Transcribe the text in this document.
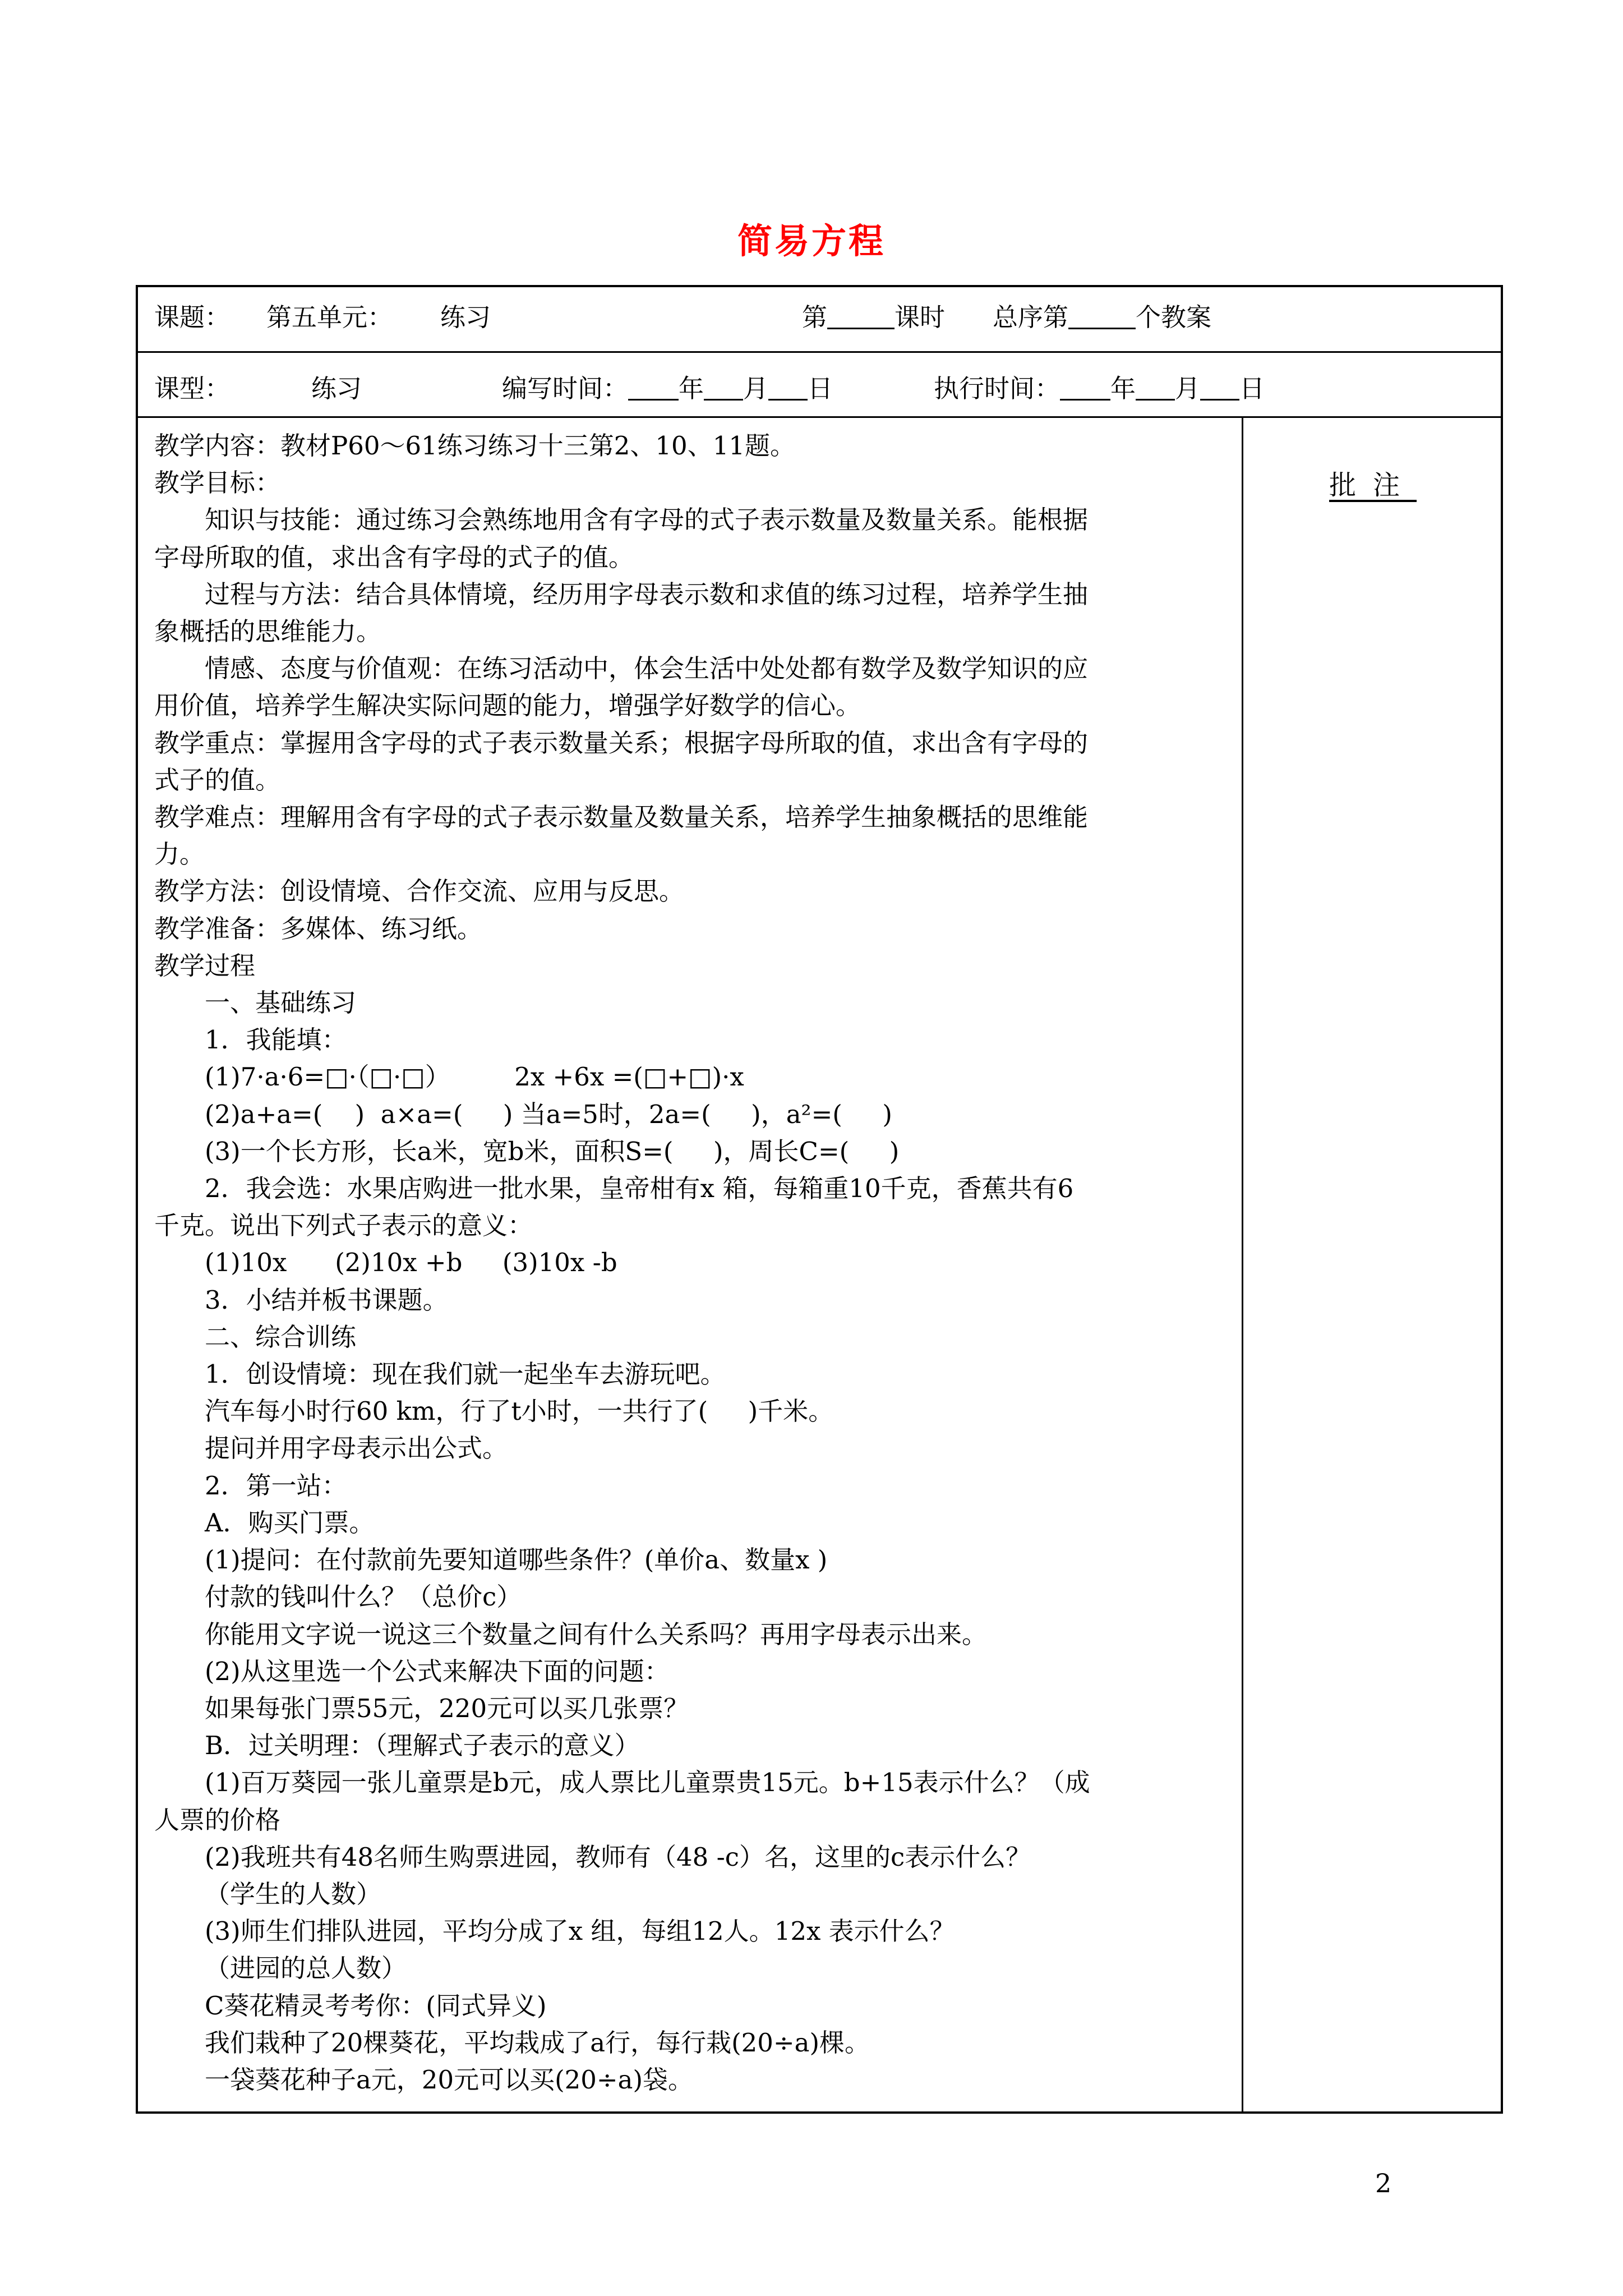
简易方程
课题： 第五单元： 练习	第	课时 总序第	个教案
课型：	练习	编写时间： 年 月 日	执行时间： 年 月 日

教学内容：教材P60～61练习练习十三第2、10、11题。

教学目标：

知识与技能：通过练习会熟练地用含有字母的式子表示数量及数量关系。能根据

字母所取的值，求出含有字母的式子的值。

过程与方法：结合具体情境，经历用字母表示数和求值的练习过程，培养学生抽

象概括的思维能力。

情感、态度与价值观：在练习活动中，体会生活中处处都有数学及数学知识的应

用价值，培养学生解决实际问题的能力，增强学好数学的信心。

教学重点：掌握用含字母的式子表示数量关系；根据字母所取的值，求出含有字母的

式子的值。

教学难点：理解用含有字母的式子表示数量及数量关系，培养学生抽象概括的思维能

力。

教学方法：创设情境、合作交流、应用与反思。

教学准备：多媒体、练习纸。

教学过程

一、基础练习

1．我能填：

(1)7·a·6=□·（□·□）        2x +6x =(□+□)·x

(2)a+a=(    )  a×a=(     ) 当a=5时，2a=(     )，a²=(     )

(3)一个长方形，长a米，宽b米，面积S=(     )，周长C=(     )

2．我会选：水果店购进一批水果，皇帝柑有x 箱，每箱重10千克，香蕉共有6

千克。说出下列式子表示的意义：

(1)10x      (2)10x +b     (3)10x -b

3．小结并板书课题。

二、综合训练

1．创设情境：现在我们就一起坐车去游玩吧。

汽车每小时行60 km，行了t小时，一共行了(     )千米。

提问并用字母表示出公式。

2．第一站：

A．购买门票。

(1)提问：在付款前先要知道哪些条件？(单价a、数量x )

付款的钱叫什么？（总价c）

你能用文字说一说这三个数量之间有什么关系吗？再用字母表示出来。

(2)从这里选一个公式来解决下面的问题：

如果每张门票55元，220元可以买几张票？

B．过关明理：（理解式子表示的意义）

(1)百万葵园一张儿童票是b元，成人票比儿童票贵15元。b+15表示什么？（成

人票的价格

(2)我班共有48名师生购票进园，教师有（48 -c）名，这里的c表示什么？

（学生的人数）

(3)师生们排队进园，平均分成了x 组，每组12人。12x 表示什么？

（进园的总人数）

C葵花精灵考考你：(同式异义)

我们栽种了20棵葵花，平均栽成了a行，每行栽(20÷a)棵。

一袋葵花种子a元，20元可以买(20÷a)袋。

批注
2
